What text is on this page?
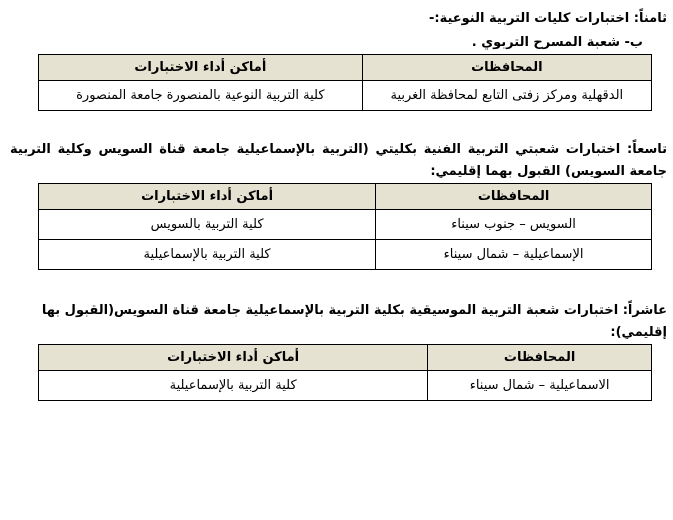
ثامناً: اختبارات كليات التربية النوعية:-
ب- شعبة المسرح التربوي .
المحافظات	أماكن أداء الاختبارات
الدقهلية ومركز زفتى التابع لمحافظة الغربية	كلية التربية النوعية بالمنصورة جامعة المنصورة
تاسعاً: اختبارات شعبتي التربية الفنية بكليتي (التربية بالإسماعيلية جامعة قناة السويس وكلية التربية جامعة السويس) القبول بهما إقليمي:
المحافظات	أماكن أداء الاختبارات
السويس – جنوب سيناء	كلية التربية بالسويس
الإسماعيلية – شمال سيناء	كلية التربية بالإسماعيلية
عاشراً: اختبارات شعبة التربية الموسيقية بكلية التربية بالإسماعيلية جامعة قناة السويس(القبول بها إقليمي):
المحافظات	أماكن أداء الاختبارات
الاسماعيلية – شمال سيناء	كلية التربية بالإسماعيلية
